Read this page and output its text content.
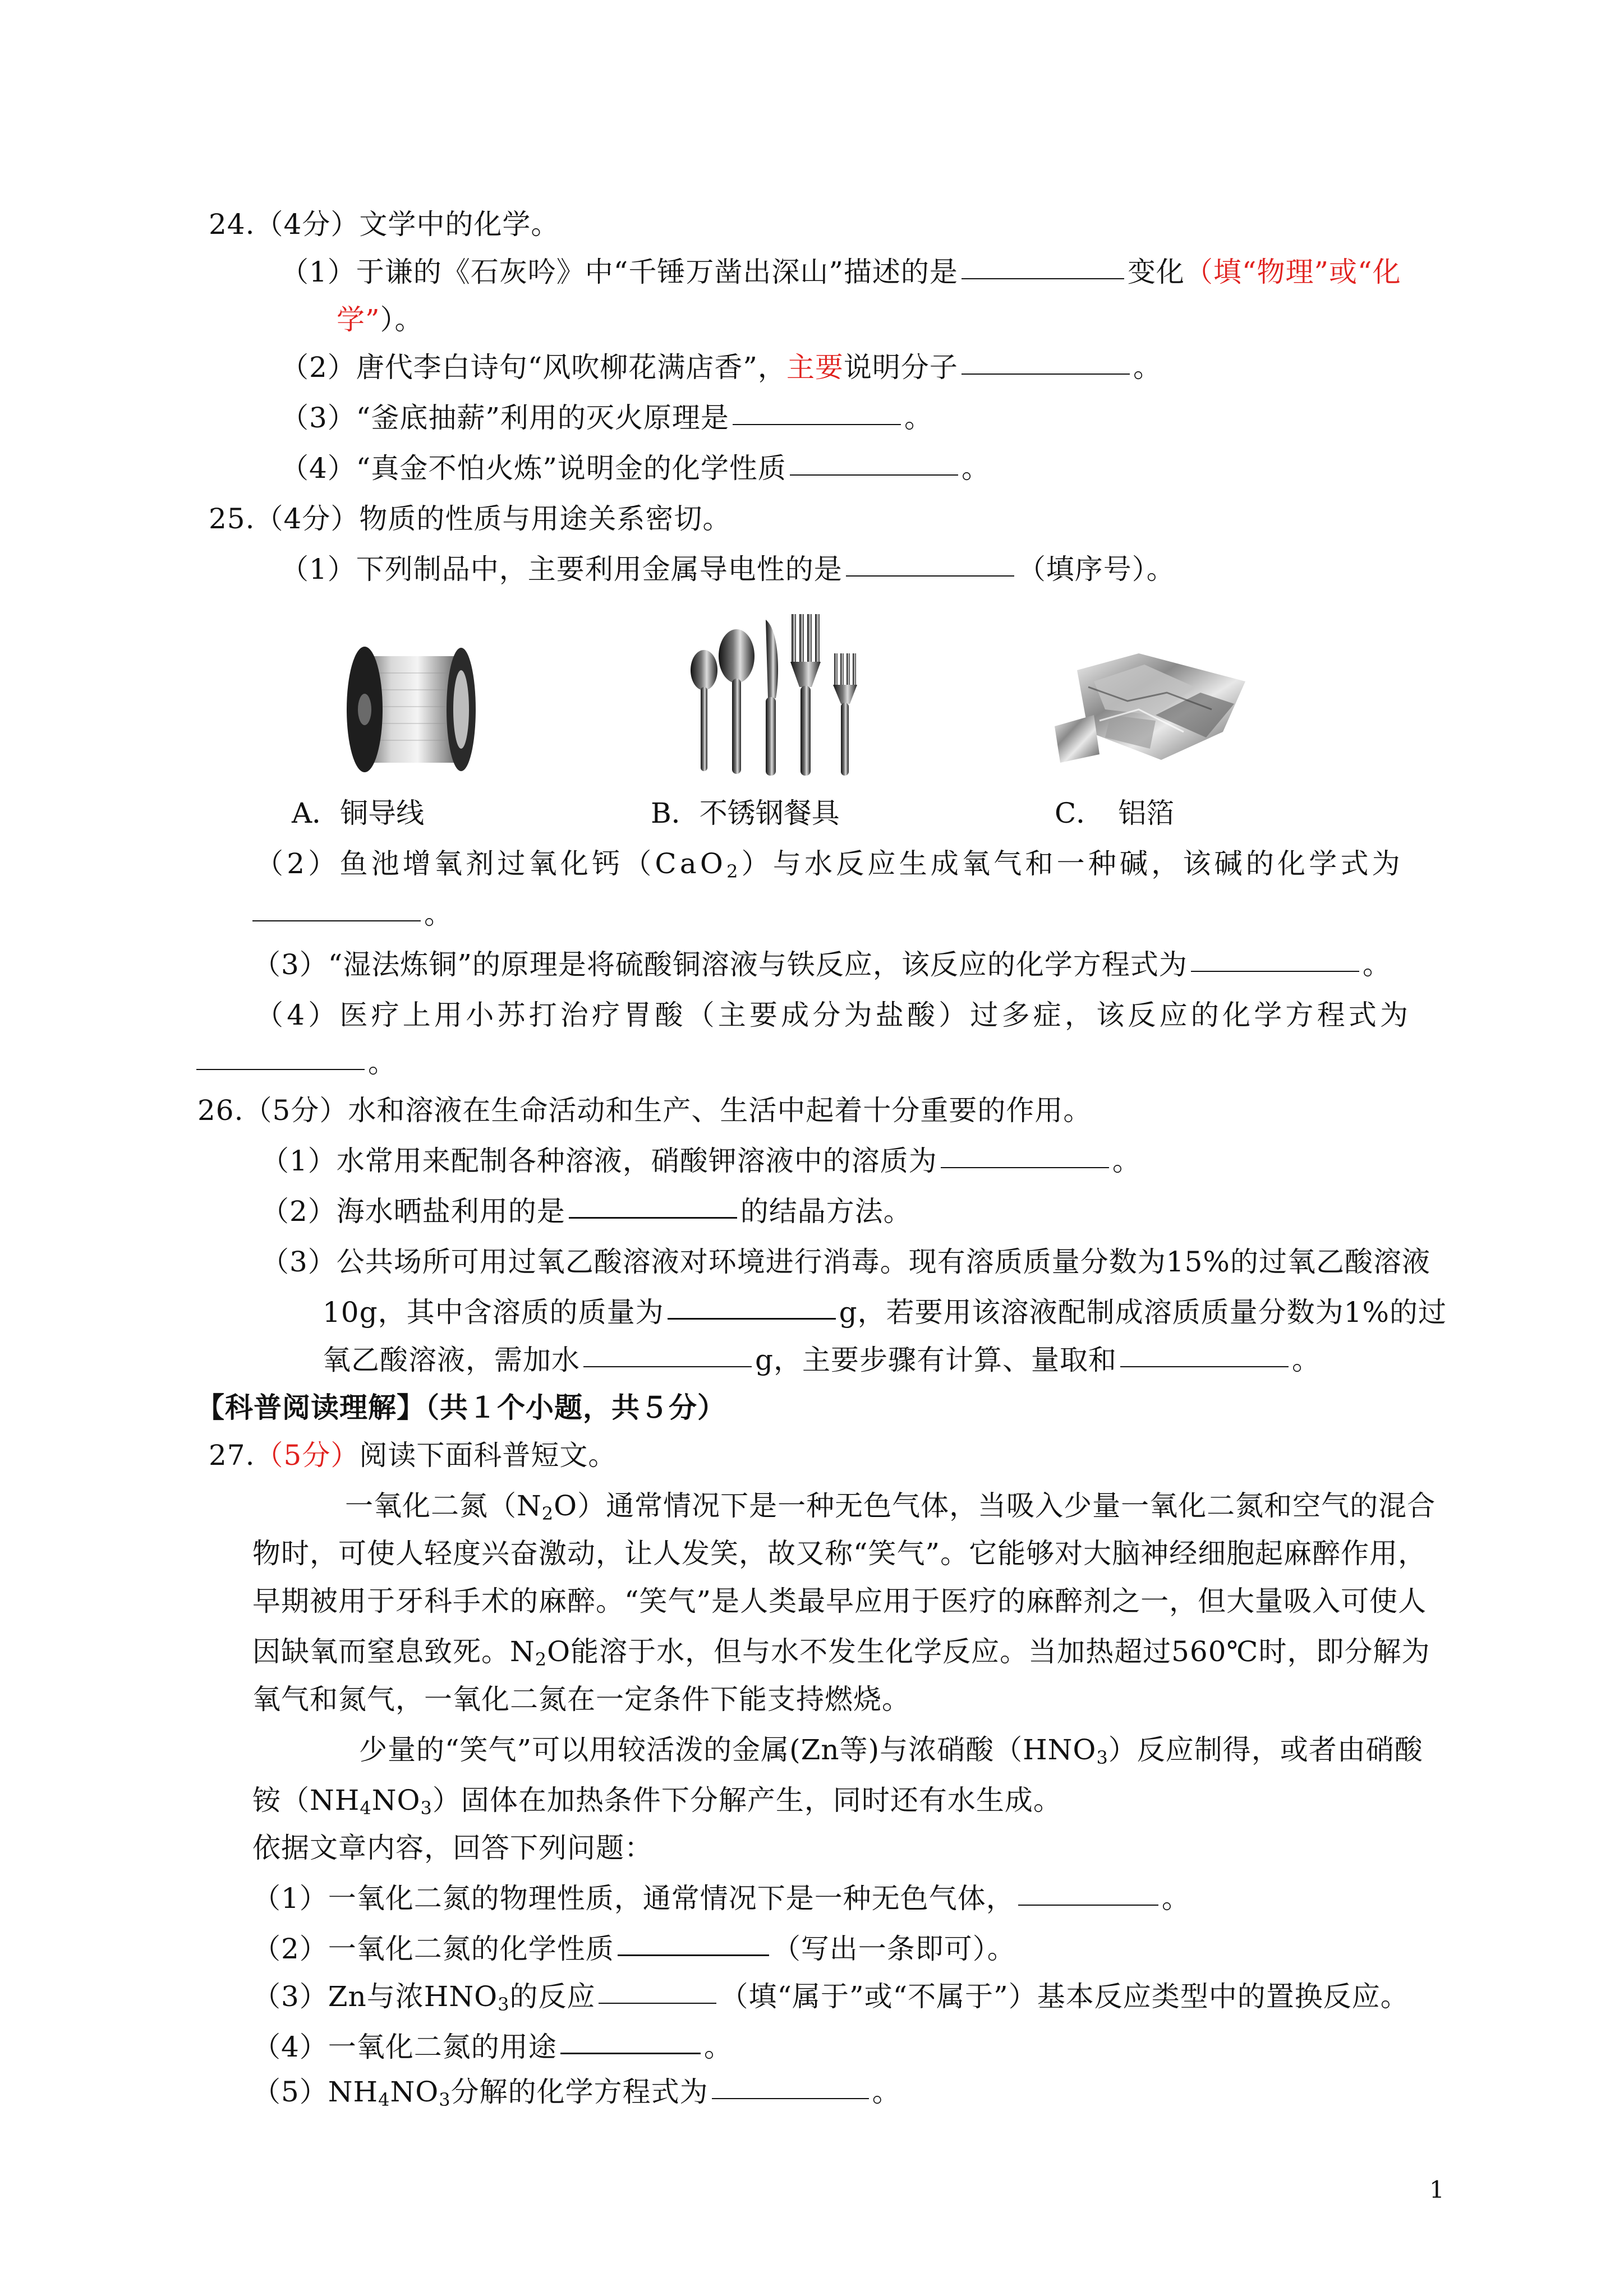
24.（4分）文学中的化学。
（1）于谦的《石灰吟》中“千锤万凿出深山”描述的是	变化（填“物理”或“化
学”）。
（2）唐代李白诗句“风吹柳花满店香”，主要说明分子	。
（3）“釜底抽薪”利用的灭火原理是	。
（4）“真金不怕火炼”说明金的化学性质	。
25.（4分）物质的性质与用途关系密切。
（1）下列制品中，主要利用金属导电性的是	（填序号）。
A．铜导线	B．不锈钢餐具	C．　铝箔
（2）鱼池增氧剂过氧化钙（CaO$_2$）与水反应生成氧气和一种碱，该碱的化学式为
。
（3）“湿法炼铜”的原理是将硫酸铜溶液与铁反应，该反应的化学方程式为	。
（4）医疗上用小苏打治疗胃酸（主要成分为盐酸）过多症，该反应的化学方程式为
。
26.（5分）水和溶液在生命活动和生产、生活中起着十分重要的作用。
（1）水常用来配制各种溶液，硝酸钾溶液中的溶质为	。
（2）海水晒盐利用的是	的结晶方法。
（3）公共场所可用过氧乙酸溶液对环境进行消毒。现有溶质质量分数为15%的过氧乙酸溶液
10g，其中含溶质的质量为	g，若要用该溶液配制成溶质质量分数为1%的过
氧乙酸溶液，需加水	g，主要步骤有计算、量取和	。
【科普阅读理解】（共１个小题，共５分）
27.（5分）阅读下面科普短文。
一氧化二氮$(N_2O)$通常情况下是一种无色气体，当吸入少量一氧化二氮和空气的混合
物时，可使人轻度兴奋激动，让人发笑，故又称“笑气”。它能够对大脑神经细胞起麻醉作用，
早期被用于牙科手术的麻醉。“笑气”是人类最早应用于医疗的麻醉剂之一，但大量吸入可使人
因缺氧而窒息致死。$N_2O$能溶于水，但与水不发生化学反应。当加热超过560℃时，即分解为
氧气和氮气，一氧化二氮在一定条件下能支持燃烧。
少量的“笑气”可以用较活泼的金属(Zn等)与浓硝酸$(HNO_3)$反应制得，或者由硝酸
铵$(NH_4NO_3)$固体在加热条件下分解产生，同时还有水生成。
依据文章内容，回答下列问题：
（1）一氧化二氮的物理性质，通常情况下是一种无色气体，	。
（2）一氧化二氮的化学性质	（写出一条即可）。
（3）Zn与浓$HNO_3$的反应	（填“属于”或“不属于”）基本反应类型中的置换反应。
（4）一氧化二氮的用途	。
$(5)NH_4NO_3$分解的化学方程式为	。
1
